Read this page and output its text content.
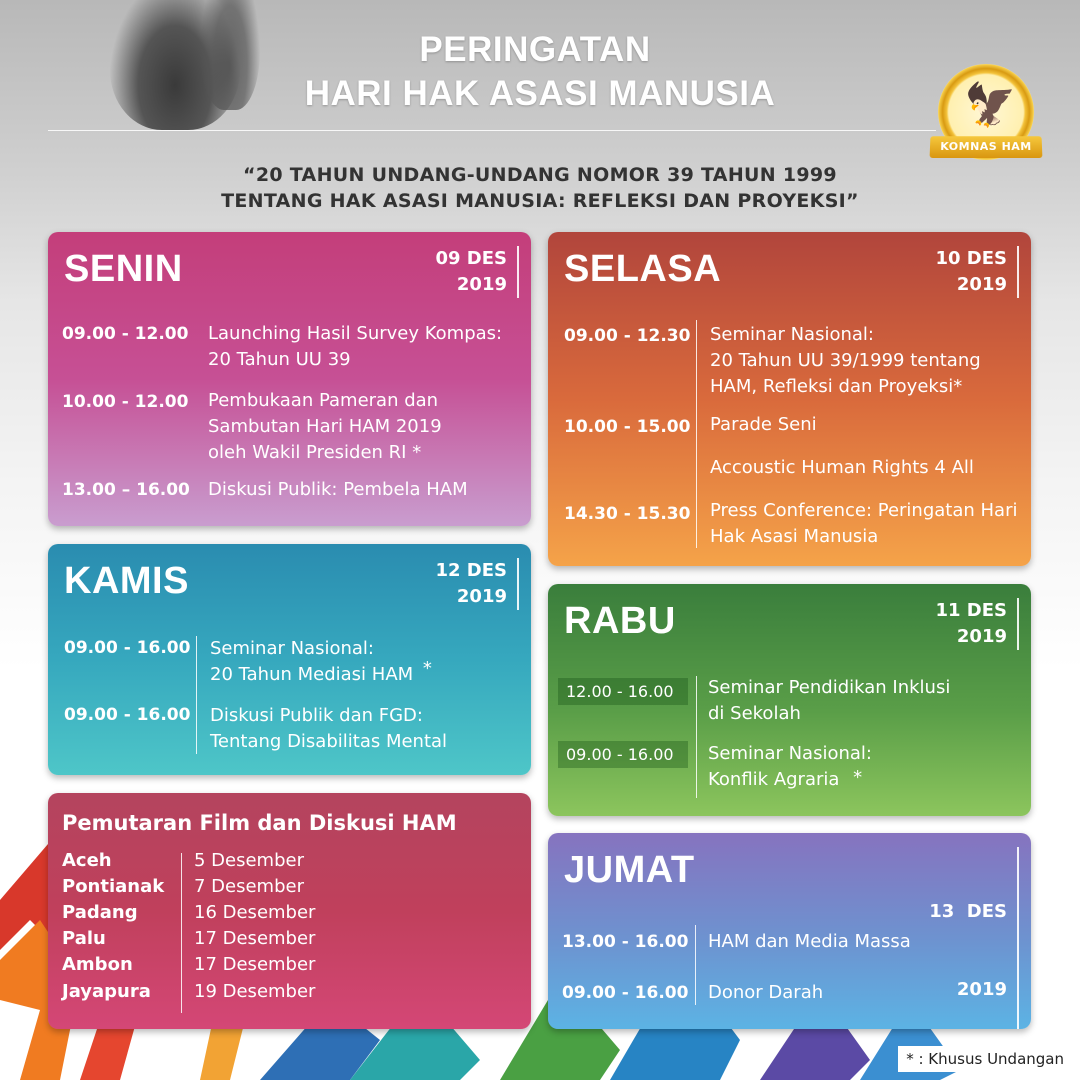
PERINGATAN
HARI HAK ASASI MANUSIA
“20 TAHUN UNDANG-UNDANG NOMOR 39 TAHUN 1999
TENTANG HAK ASASI MANUSIA: REFLEKSI DAN PROYEKSI”
🦅
KOMNAS HAM
SENIN	09 DES
2019
09.00 - 12.00 Launching Hasil Survey Kompas:
20 Tahun UU 39
10.00 - 12.00 Pembukaan Pameran dan
Sambutan Hari HAM 2019
oleh Wakil Presiden RI *
13.00 – 16.00 Diskusi Publik: Pembela HAM
SELASA	10 DES
2019
09.00 - 12.30 Seminar Nasional:
20 Tahun UU 39/1999 tentang
HAM, Refleksi dan Proyeksi*
10.00 - 15.00 Parade Seni
Accoustic Human Rights 4 All
14.30 - 15.30 Press Conference: Peringatan Hari
Hak Asasi Manusia
KAMIS	12 DES
2019
09.00 - 16.00 Seminar Nasional:
20 Tahun Mediasi HAM *
09.00 - 16.00 Diskusi Publik dan FGD:
Tentang Disabilitas Mental
RABU	11 DES
2019
12.00 - 16.00	Seminar Pendidikan Inklusi
di Sekolah
09.00 - 16.00	Seminar Nasional:
Konflik Agraria *
Pemutaran Film dan Diskusi HAM
Aceh	5 Desember
Pontianak 7 Desember
Padang	16 Desember
Palu	17 Desember
Ambon	17 Desember
Jayapura 19 Desember
JUMAT

13  DES

2019

13.00 - 16.00 HAM dan Media Massa
09.00 - 16.00 Donor Darah
* : Khusus Undangan
